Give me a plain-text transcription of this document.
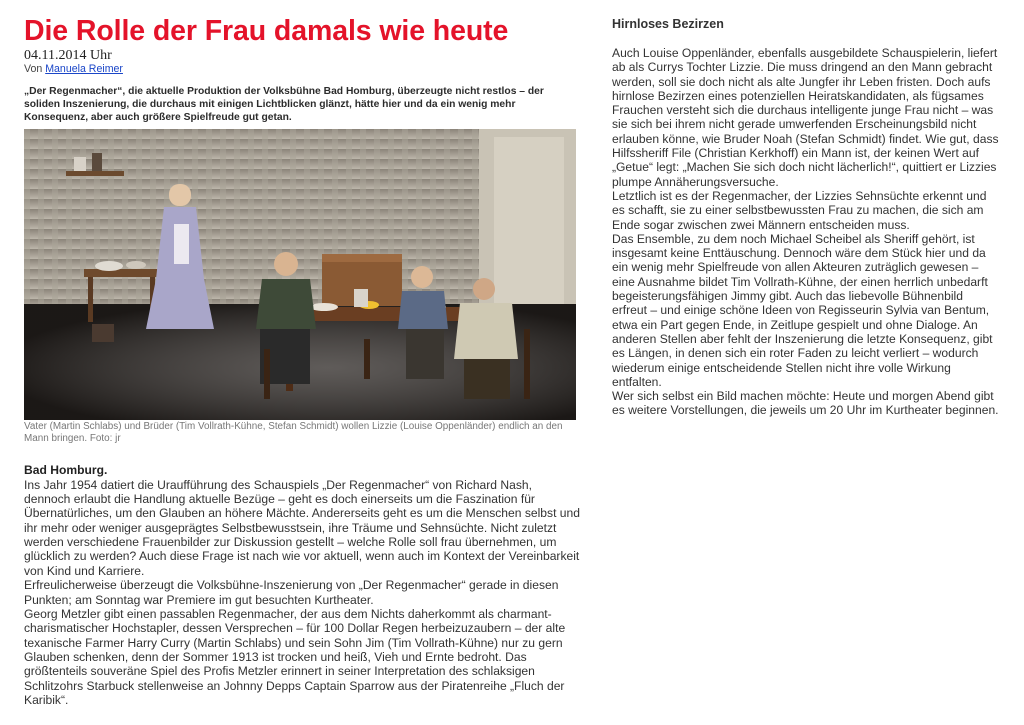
Die Rolle der Frau damals wie heute
04.11.2014 Uhr
Von Manuela Reimer
„Der Regenmacher“, die aktuelle Produktion der Volksbühne Bad Homburg, überzeugte nicht restlos – der soliden Inszenierung, die durchaus mit einigen Lichtblicken glänzt, hätte hier und da ein wenig mehr Konsequenz, aber auch größere Spielfreude gut getan.
Vater (Martin Schlabs) und Brüder (Tim Vollrath-Kühne, Stefan Schmidt) wollen Lizzie (Louise Oppenländer) endlich an den Mann bringen. Foto: jr
Bad Homburg.

Ins Jahr 1954 datiert die Uraufführung des Schauspiels „Der Regenmacher“ von Richard Nash, dennoch erlaubt die Handlung aktuelle Bezüge – geht es doch einerseits um die Faszination für Übernatürliches, um den Glauben an höhere Mächte. Andererseits geht es um die Menschen selbst und ihr mehr oder weniger ausgeprägtes Selbstbewusstsein, ihre Träume und Sehnsüchte. Nicht zuletzt werden verschiedene Frauenbilder zur Diskussion gestellt – welche Rolle soll frau übernehmen, um glücklich zu werden? Auch diese Frage ist nach wie vor aktuell, wenn auch im Kontext der Vereinbarkeit von Kind und Karriere.

Erfreulicherweise überzeugt die Volksbühne-Inszenierung von „Der Regenmacher“ gerade in diesen Punkten; am Sonntag war Premiere im gut besuchten Kurtheater.

Georg Metzler gibt einen passablen Regenmacher, der aus dem Nichts daherkommt als charmant-charismatischer Hochstapler, dessen Versprechen – für 100 Dollar Regen herbeizuzaubern – der alte texanische Farmer Harry Curry (Martin Schlabs) und sein Sohn Jim (Tim Vollrath-Kühne) nur zu gern Glauben schenken, denn der Sommer 1913 ist trocken und heiß, Vieh und Ernte bedroht. Das größtenteils souveräne Spiel des Profis Metzler erinnert in seiner Interpretation des schlaksigen Schlitzohrs Starbuck stellenweise an Johnny Depps Captain Sparrow aus der Piratenreihe „Fluch der Karibik“.

Hirnloses Bezirzen

Auch Louise Oppenländer, ebenfalls ausgebildete Schauspielerin, liefert ab als Currys Tochter Lizzie. Die muss dringend an den Mann gebracht werden, soll sie doch nicht als alte Jungfer ihr Leben fristen. Doch aufs hirnlose Bezirzen eines potenziellen Heiratskandidaten, als fügsames Frauchen versteht sich die durchaus intelligente junge Frau nicht – was sie sich bei ihrem nicht gerade umwerfenden Erscheinungsbild nicht erlauben könne, wie Bruder Noah (Stefan Schmidt) findet. Wie gut, dass Hilfssheriff File (Christian Kerkhoff) ein Mann ist, der keinen Wert auf „Getue“ legt: „Machen Sie sich doch nicht lächerlich!“, quittiert er Lizzies plumpe Annäherungsversuche.

Letztlich ist es der Regenmacher, der Lizzies Sehnsüchte erkennt und es schafft, sie zu einer selbstbewussten Frau zu machen, die sich am Ende sogar zwischen zwei Männern entscheiden muss.

Das Ensemble, zu dem noch Michael Scheibel als Sheriff gehört, ist insgesamt keine Enttäuschung. Dennoch wäre dem Stück hier und da ein wenig mehr Spielfreude von allen Akteuren zuträglich gewesen – eine Ausnahme bildet Tim Vollrath-Kühne, der einen herrlich unbedarft begeisterungsfähigen Jimmy gibt. Auch das liebevolle Bühnenbild erfreut – und einige schöne Ideen von Regisseurin Sylvia van Bentum, etwa ein Part gegen Ende, in Zeitlupe gespielt und ohne Dialoge. An anderen Stellen aber fehlt der Inszenierung die letzte Konsequenz, gibt es Längen, in denen sich ein roter Faden zu leicht verliert – wodurch wiederum einige entscheidende Stellen nicht ihre volle Wirkung entfalten.

Wer sich selbst ein Bild machen möchte: Heute und morgen Abend gibt es weitere Vorstellungen, die jeweils um 20 Uhr im Kurtheater beginnen.
